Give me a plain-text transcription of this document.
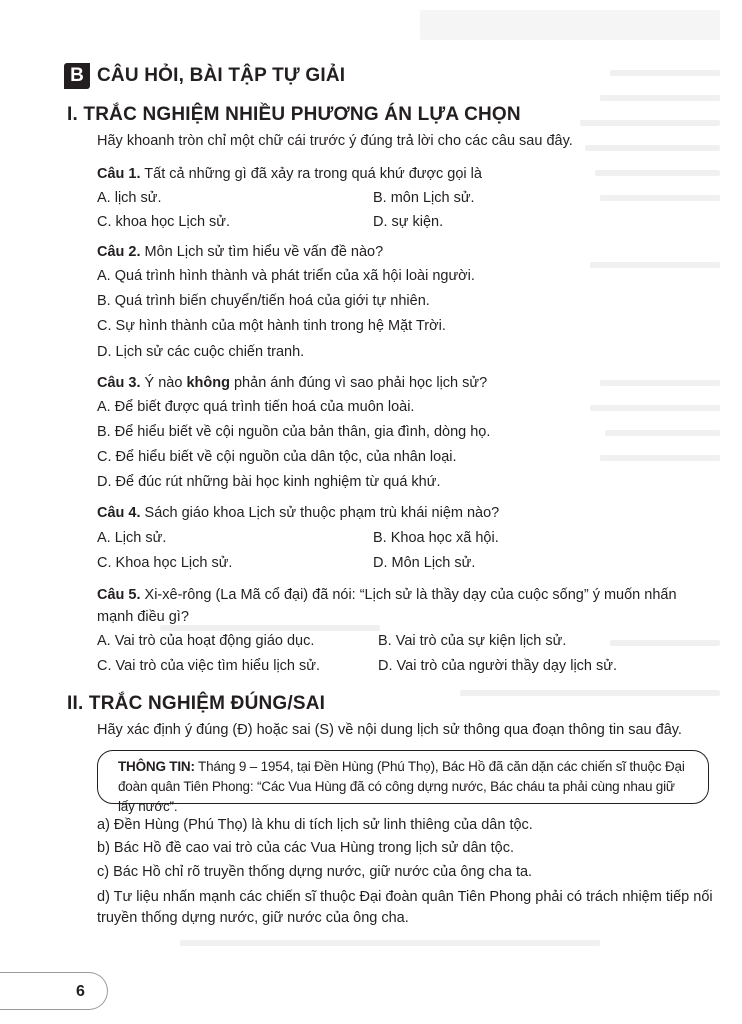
B CÂU HỎI, BÀI TẬP TỰ GIẢI
I. TRẮC NGHIỆM NHIỀU PHƯƠNG ÁN LỰA CHỌN
Hãy khoanh tròn chỉ một chữ cái trước ý đúng trả lời cho các câu sau đây.
Câu 1. Tất cả những gì đã xảy ra trong quá khứ được gọi là
A. lịch sử.	B. môn Lịch sử.
C. khoa học Lịch sử.	D. sự kiện.
Câu 2. Môn Lịch sử tìm hiểu về vấn đề nào?
A. Quá trình hình thành và phát triển của xã hội loài người.
B. Quá trình biến chuyển/tiến hoá của giới tự nhiên.
C. Sự hình thành của một hành tinh trong hệ Mặt Trời.
D. Lịch sử các cuộc chiến tranh.
Câu 3. Ý nào không phản ánh đúng vì sao phải học lịch sử?
A. Để biết được quá trình tiến hoá của muôn loài.
B. Để hiểu biết về cội nguồn của bản thân, gia đình, dòng họ.
C. Để hiểu biết về cội nguồn của dân tộc, của nhân loại.
D. Để đúc rút những bài học kinh nghiệm từ quá khứ.
Câu 4. Sách giáo khoa Lịch sử thuộc phạm trù khái niệm nào?
A. Lịch sử.	B. Khoa học xã hội.
C. Khoa học Lịch sử.	D. Môn Lịch sử.
Câu 5. Xi-xê-rông (La Mã cổ đại) đã nói: “Lịch sử là thầy dạy của cuộc sống” ý muốn nhấn mạnh điều gì?
A. Vai trò của hoạt động giáo dục.	B. Vai trò của sự kiện lịch sử.
C. Vai trò của việc tìm hiểu lịch sử.	D. Vai trò của người thầy dạy lịch sử.
II. TRẮC NGHIỆM ĐÚNG/SAI
Hãy xác định ý đúng (Đ) hoặc sai (S) về nội dung lịch sử thông qua đoạn thông tin sau đây.
THÔNG TIN: Tháng 9 – 1954, tại Đền Hùng (Phú Thọ), Bác Hồ đã căn dặn các chiến sĩ thuộc Đại đoàn quân Tiên Phong: “Các Vua Hùng đã có công dựng nước, Bác cháu ta phải cùng nhau giữ lấy nước”.
a) Đền Hùng (Phú Thọ) là khu di tích lịch sử linh thiêng của dân tộc.
b) Bác Hồ đề cao vai trò của các Vua Hùng trong lịch sử dân tộc.
c) Bác Hồ chỉ rõ truyền thống dựng nước, giữ nước của ông cha ta.
d) Tư liệu nhấn mạnh các chiến sĩ thuộc Đại đoàn quân Tiên Phong phải có trách nhiệm tiếp nối truyền thống dựng nước, giữ nước của ông cha.
6
